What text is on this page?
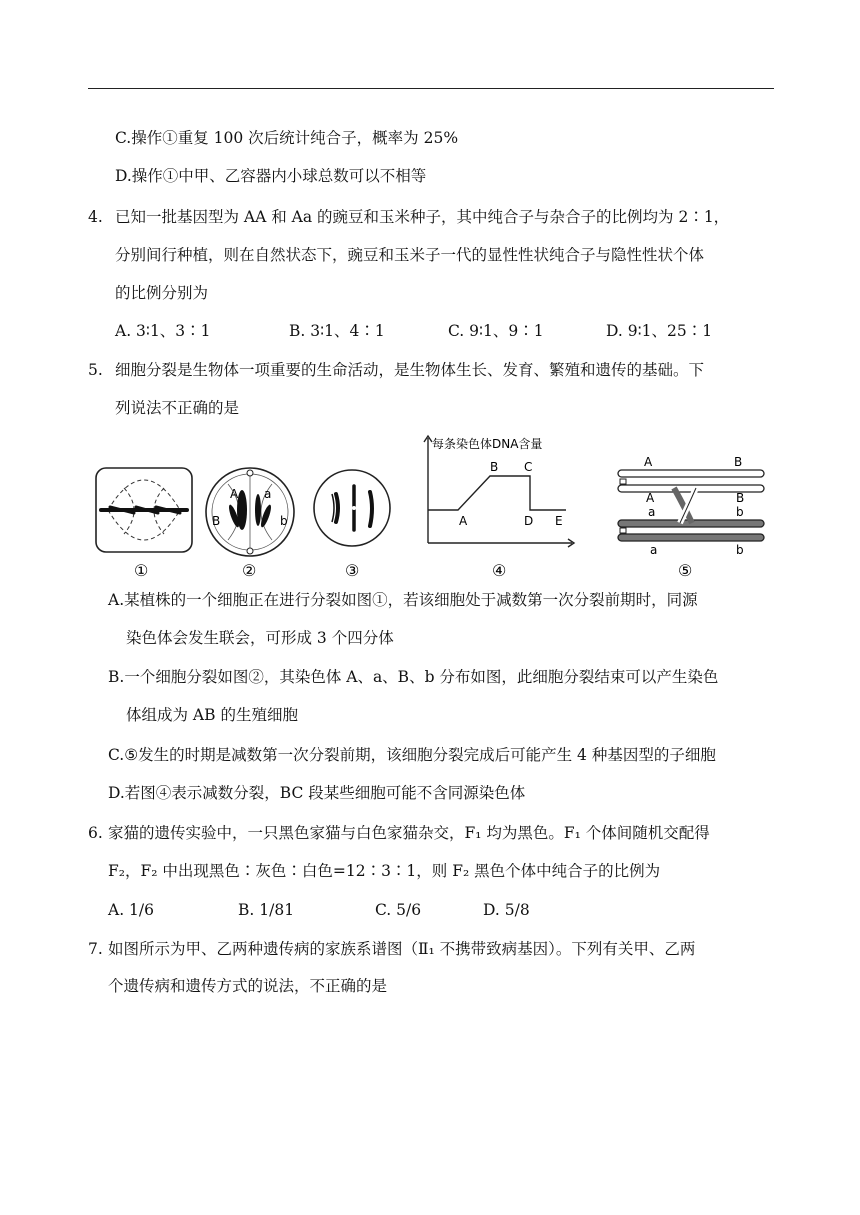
C.操作①重复 100 次后统计纯合子，概率为 25%
D.操作①中甲、乙容器内小球总数可以不相等
4. 已知一批基因型为 AA 和 Aa 的豌豆和玉米种子，其中纯合子与杂合子的比例均为 2∶1，
分别间行种植，则在自然状态下，豌豆和玉米子一代的显性性状纯合子与隐性性状个体
的比例分别为
A. 3∶1、3∶1	B. 3∶1、4∶1	C. 9∶1、9∶1	D. 9∶1、25∶1
5. 细胞分裂是生物体一项重要的生命活动，是生物体生长、发育、繁殖和遗传的基础。下
列说法不正确的是
①
A a
B	b
②	③
每条染色体DNA含量
A
B C
D E
④
A	B
A	B
a	b
a	b
⑤
A.某植株的一个细胞正在进行分裂如图①，若该细胞处于减数第一次分裂前期时，同源
染色体会发生联会，可形成 3 个四分体
B.一个细胞分裂如图②，其染色体 A、a、B、b 分布如图，此细胞分裂结束可以产生染色
体组成为 AB 的生殖细胞
C.⑤发生的时期是减数第一次分裂前期，该细胞分裂完成后可能产生 4 种基因型的子细胞
D.若图④表示减数分裂，BC 段某些细胞可能不含同源染色体
6. 家猫的遗传实验中，一只黑色家猫与白色家猫杂交，F₁ 均为黑色。F₁ 个体间随机交配得
F₂，F₂ 中出现黑色∶灰色∶白色=12∶3∶1，则 F₂ 黑色个体中纯合子的比例为
A. 1/6	B. 1/81	C. 5/6	D. 5/8
7. 如图所示为甲、乙两种遗传病的家族系谱图（Ⅱ₁ 不携带致病基因）。下列有关甲、乙两
个遗传病和遗传方式的说法，不正确的是
